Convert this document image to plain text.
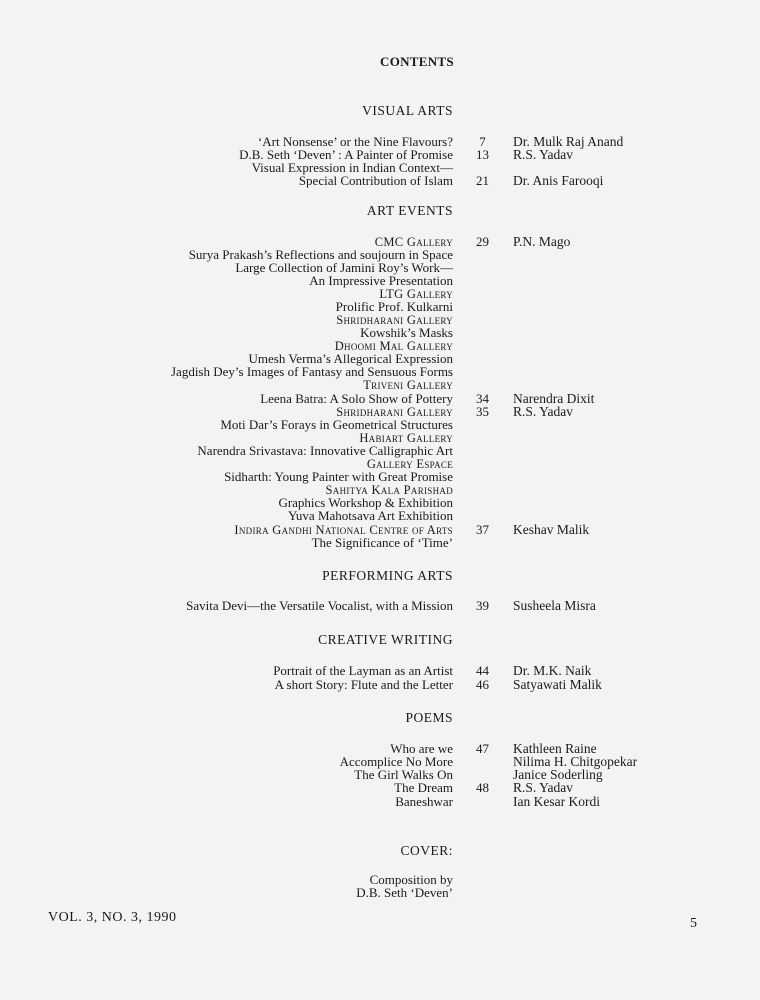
CONTENTS
VISUAL ARTS
‘Art Nonsense’ or the Nine Flavours?	7	Dr. Mulk Raj Anand
D.B. Seth ‘Deven’ : A Painter of Promise	13	R.S. Yadav
Visual Expression in Indian Context—
Special Contribution of Islam	21	Dr. Anis Farooqi
ART EVENTS
CMC Gallery	29	P.N. Mago
Surya Prakash’s Reflections and soujourn in Space
Large Collection of Jamini Roy’s Work—
An Impressive Presentation
LTG Gallery
Prolific Prof. Kulkarni
Shridharani Gallery
Kowshik’s Masks
Dhoomi Mal Gallery
Umesh Verma’s Allegorical Expression
Jagdish Dey’s Images of Fantasy and Sensuous Forms
Triveni Gallery
Leena Batra: A Solo Show of Pottery	34	Narendra Dixit
Shridharani Gallery	35	R.S. Yadav
Moti Dar’s Forays in Geometrical Structures
Habiart Gallery
Narendra Srivastava: Innovative Calligraphic Art
Gallery Espace
Sidharth: Young Painter with Great Promise
Sahitya Kala Parishad
Graphics Workshop & Exhibition
Yuva Mahotsava Art Exhibition
Indira Gandhi National Centre of Arts	37	Keshav Malik
The Significance of ‘Time’
PERFORMING ARTS
Savita Devi—the Versatile Vocalist, with a Mission	39	Susheela Misra
CREATIVE WRITING
Portrait of the Layman as an Artist	44	Dr. M.K. Naik
A short Story: Flute and the Letter	46	Satyawati Malik
POEMS
Who are we	47	Kathleen Raine
Accomplice No More	Nilima H. Chitgopekar
The Girl Walks On	Janice Soderling
The Dream	48	R.S. Yadav
Baneshwar	Ian Kesar Kordi
COVER:
Composition by
D.B. Seth ‘Deven’
VOL. 3, NO. 3, 1990	5
